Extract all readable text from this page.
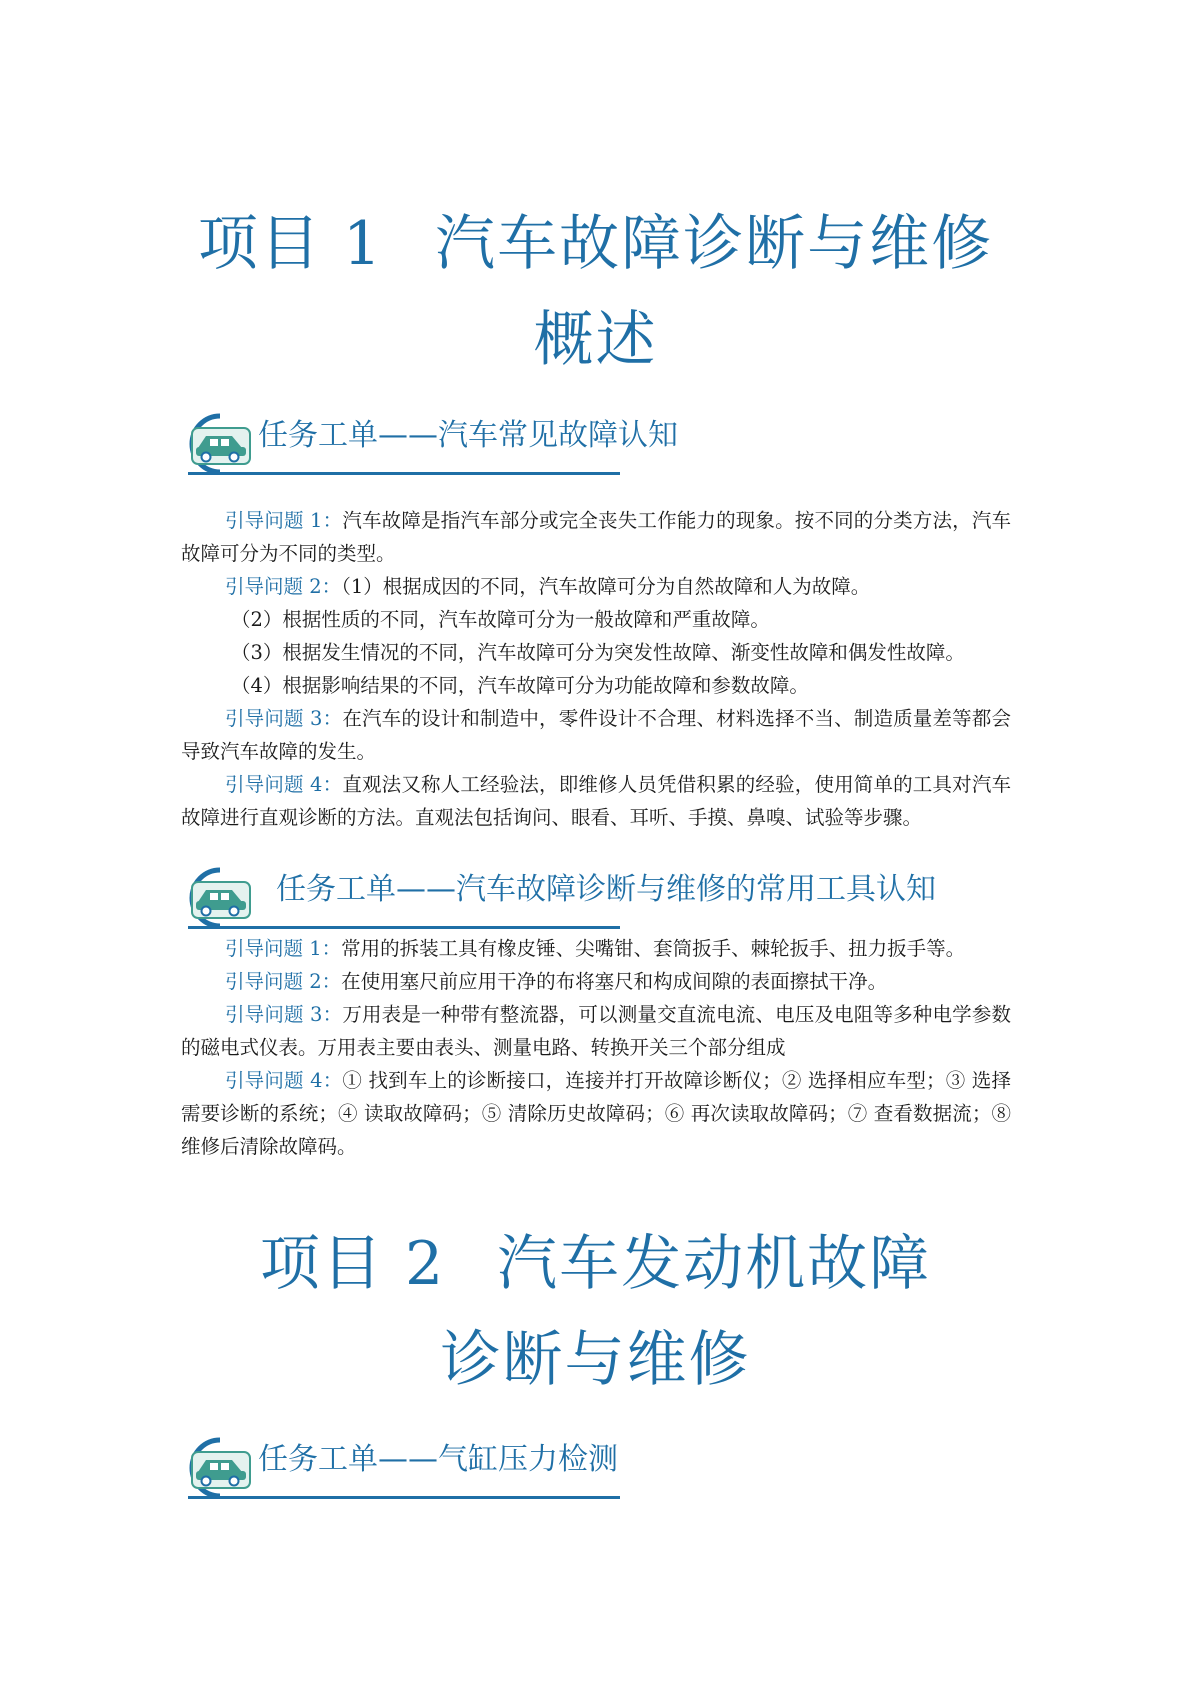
项目 1 汽车故障诊断与维修
概述
任务工单——汽车常见故障认知

引导问题 1：汽车故障是指汽车部分或完全丧失工作能力的现象。按不同的分类方法，汽车故障可分为不同的类型。

引导问题 2：（1）根据成因的不同，汽车故障可分为自然故障和人为故障。

（2）根据性质的不同，汽车故障可分为一般故障和严重故障。

（3）根据发生情况的不同，汽车故障可分为突发性故障、渐变性故障和偶发性故障。

（4）根据影响结果的不同，汽车故障可分为功能故障和参数故障。

引导问题 3：在汽车的设计和制造中，零件设计不合理、材料选择不当、制造质量差等都会导致汽车故障的发生。

引导问题 4：直观法又称人工经验法，即维修人员凭借积累的经验，使用简单的工具对汽车故障进行直观诊断的方法。直观法包括询问、眼看、耳听、手摸、鼻嗅、试验等步骤。

任务工单——汽车故障诊断与维修的常用工具认知

引导问题 1：常用的拆装工具有橡皮锤、尖嘴钳、套筒扳手、棘轮扳手、扭力扳手等。

引导问题 2：在使用塞尺前应用干净的布将塞尺和构成间隙的表面擦拭干净。

引导问题 3：万用表是一种带有整流器，可以测量交直流电流、电压及电阻等多种电学参数的磁电式仪表。万用表主要由表头、测量电路、转换开关三个部分组成

引导问题 4：① 找到车上的诊断接口，连接并打开故障诊断仪；② 选择相应车型；③ 选择需要诊断的系统；④ 读取故障码；⑤ 清除历史故障码；⑥ 再次读取故障码；⑦ 查看数据流；⑧ 维修后清除故障码。

项目 2 汽车发动机故障
诊断与维修
任务工单——气缸压力检测
